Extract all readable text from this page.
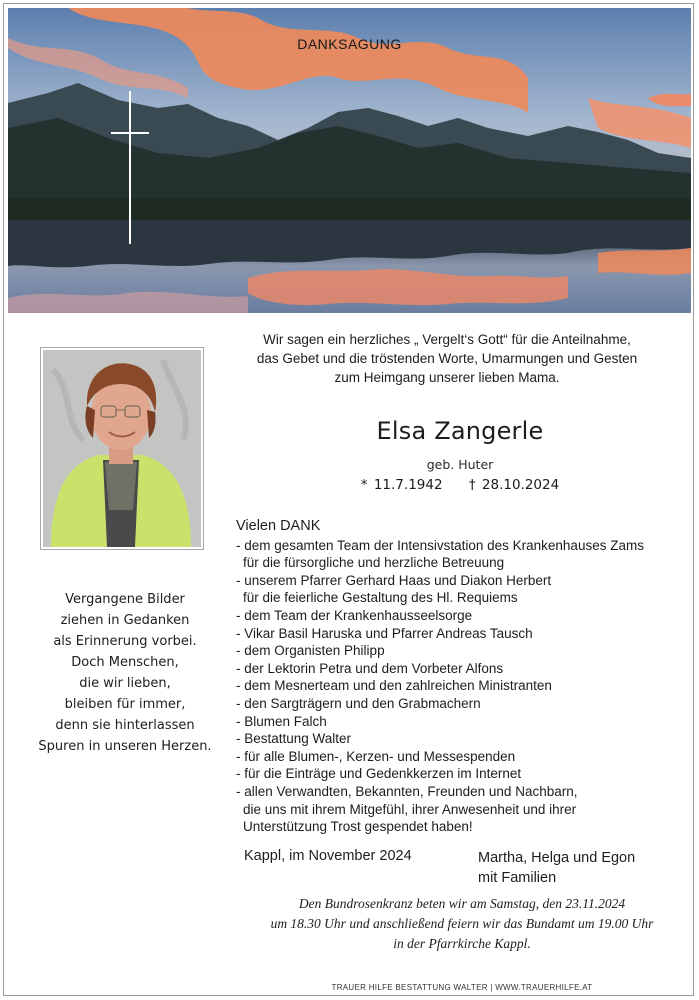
DANKSAGUNG
Vergangene Bilder
ziehen in Gedanken
als Erinnerung vorbei.
Doch Menschen,
die wir lieben,
bleiben für immer,
denn sie hinterlassen
Spuren in unseren Herzen.
Wir sagen ein herzliches „ Vergelt‘s Gott“ für die Anteilnahme,
das Gebet und die tröstenden Worte, Umarmungen und Gesten
zum Heimgang unserer lieben Mama.
Elsa Zangerle
geb. Huter
* 11.7.1942 † 28.10.2024
Vielen DANK
- dem gesamten Team der Intensivstation des Krankenhauses Zams
für die fürsorgliche und herzliche Betreuung
- unserem Pfarrer Gerhard Haas und Diakon Herbert
für die feierliche Gestaltung des Hl. Requiems
- dem Team der Krankenhausseelsorge
- Vikar Basil Haruska und Pfarrer Andreas Tausch
- dem Organisten Philipp
- der Lektorin Petra und dem Vorbeter Alfons
- dem Mesnerteam und den zahlreichen Ministranten
- den Sargträgern und den Grabmachern
- Blumen Falch
- Bestattung Walter
- für alle Blumen-, Kerzen- und Messespenden
- für die Einträge und Gedenkkerzen im Internet
- allen Verwandten, Bekannten, Freunden und Nachbarn,
die uns mit ihrem Mitgefühl, ihrer Anwesenheit und ihrer
Unterstützung Trost gespendet haben!
Kappl, im November 2024	Martha, Helga und Egon
mit Familien
Den Bundrosenkranz beten wir am Samstag, den 23.11.2024
um 18.30 Uhr und anschließend feiern wir das Bundamt um 19.00 Uhr
in der Pfarrkirche Kappl.
TRAUER HILFE BESTATTUNG WALTER | WWW.TRAUERHILFE.AT
